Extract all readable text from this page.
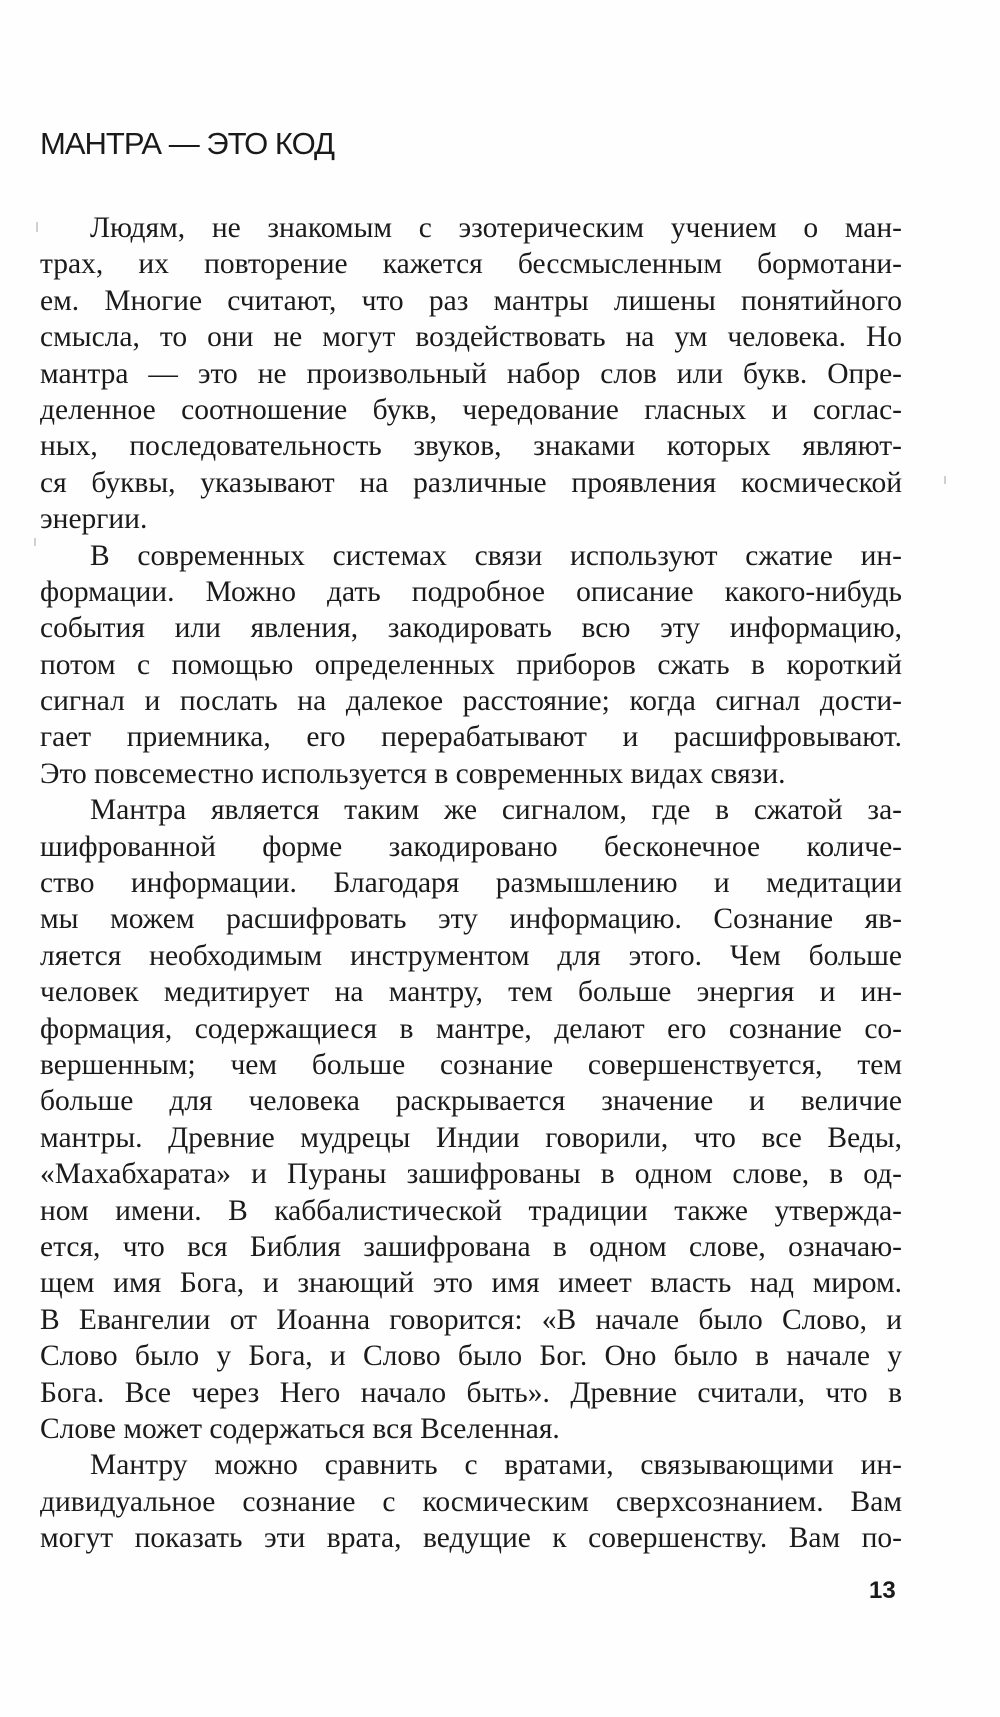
МАНТРА — ЭТО КОД
Людям, не знакомым с эзотерическим учением о ман-
трах, их повторение кажется бессмысленным бормотани-
ем. Многие считают, что раз мантры лишены понятийного
смысла, то они не могут воздействовать на ум человека. Но
мантра — это не произвольный набор слов или букв. Опре-
деленное соотношение букв, чередование гласных и соглас-
ных, последовательность звуков, знаками которых являют-
ся буквы, указывают на различные проявления космической
энергии.
В современных системах связи используют сжатие ин-
формации. Можно дать подробное описание какого-нибудь
события или явления, закодировать всю эту информацию,
потом с помощью определенных приборов сжать в короткий
сигнал и послать на далекое расстояние; когда сигнал дости-
гает приемника, его перерабатывают и расшифровывают.
Это повсеместно используется в современных видах связи.
Мантра является таким же сигналом, где в сжатой за-
шифрованной форме закодировано бесконечное количе-
ство информации. Благодаря размышлению и медитации
мы можем расшифровать эту информацию. Сознание яв-
ляется необходимым инструментом для этого. Чем больше
человек медитирует на мантру, тем больше энергия и ин-
формация, содержащиеся в мантре, делают его сознание со-
вершенным; чем больше сознание совершенствуется, тем
больше для человека раскрывается значение и величие
мантры. Древние мудрецы Индии говорили, что все Веды,
«Махабхарата» и Пураны зашифрованы в одном слове, в од-
ном имени. В каббалистической традиции также утвержда-
ется, что вся Библия зашифрована в одном слове, означаю-
щем имя Бога, и знающий это имя имеет власть над миром.
В Евангелии от Иоанна говорится: «В начале было Слово, и
Слово было у Бога, и Слово было Бог. Оно было в начале у
Бога. Все через Него начало быть». Древние считали, что в
Слове может содержаться вся Вселенная.
Мантру можно сравнить с вратами, связывающими ин-
дивидуальное сознание с космическим сверхсознанием. Вам
могут показать эти врата, ведущие к совершенству. Вам по-
13
